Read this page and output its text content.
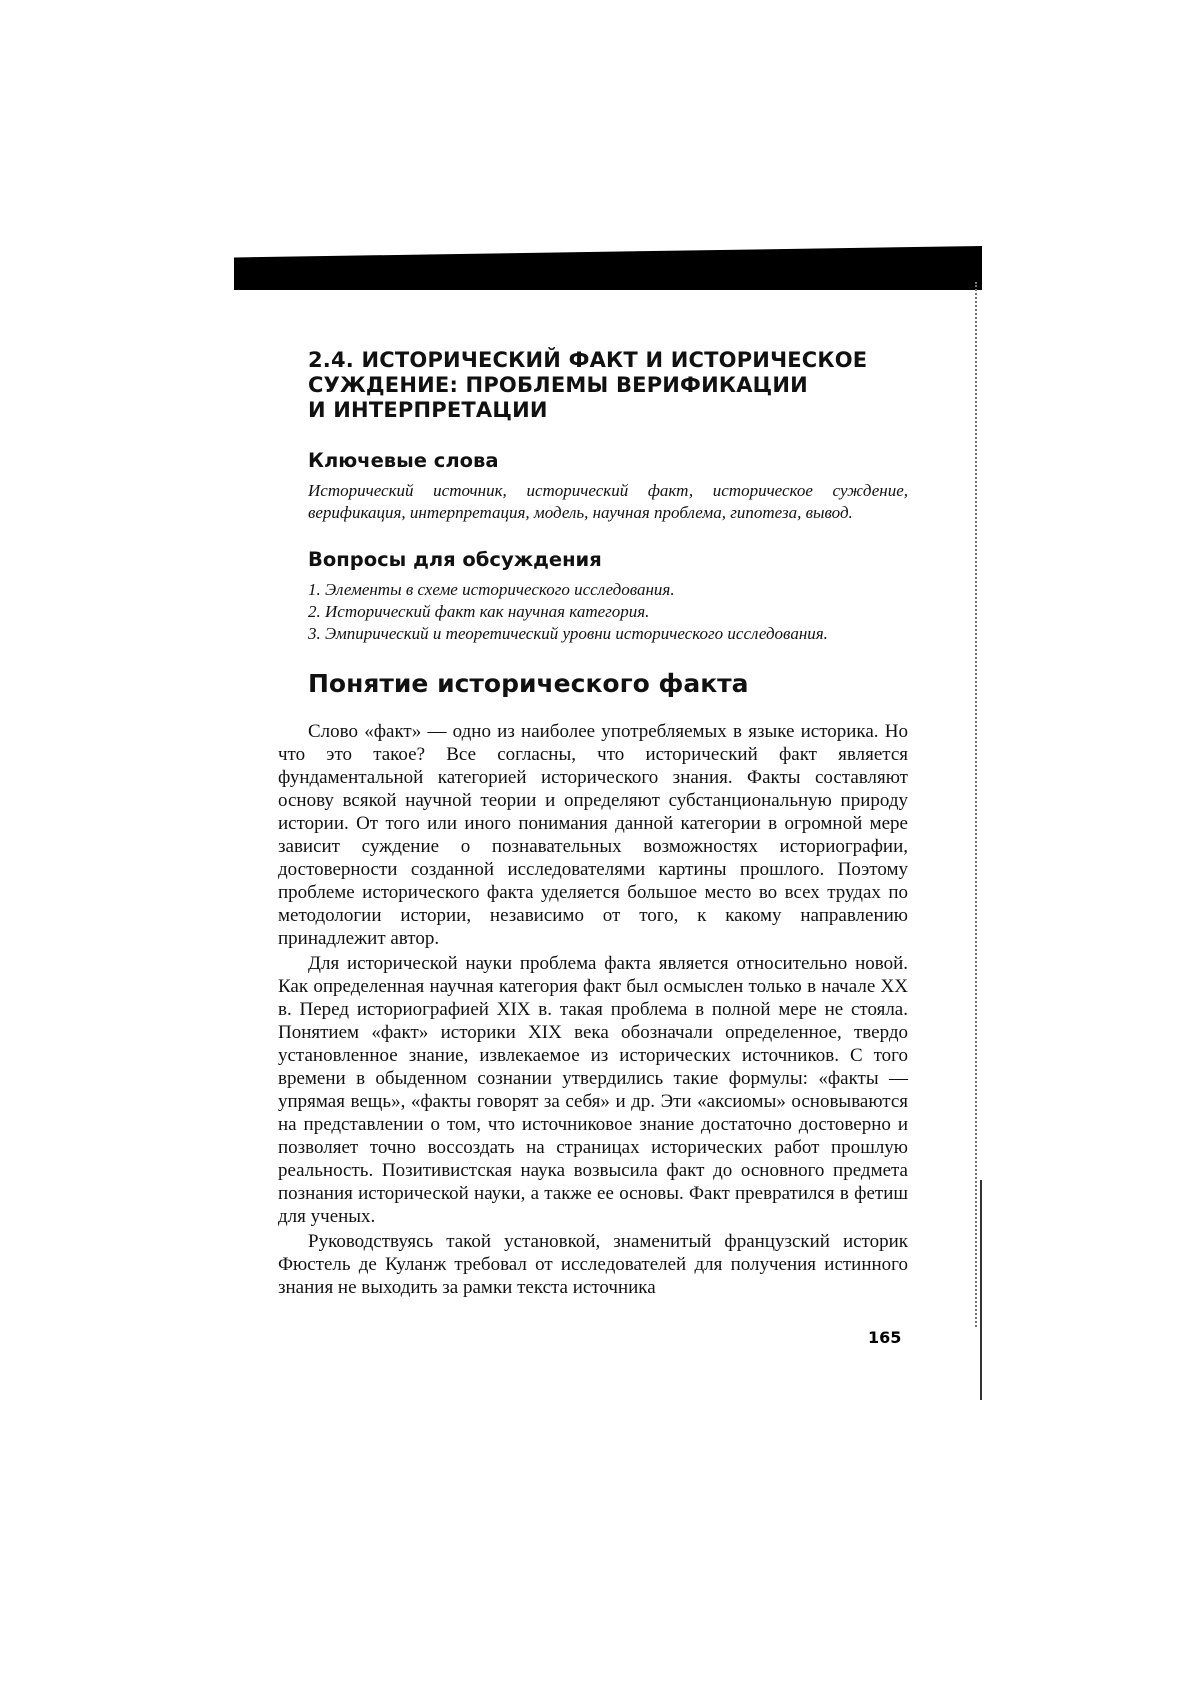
2.4. ИСТОРИЧЕСКИЙ ФАКТ И ИСТОРИЧЕСКОЕ
СУЖДЕНИЕ: ПРОБЛЕМЫ ВЕРИФИКАЦИИ
И ИНТЕРПРЕТАЦИИ
Ключевые слова
Исторический источник, исторический факт, историческое суждение, верификация, интерпретация, модель, научная проблема, гипотеза, вывод.
Вопросы для обсуждения
1. Элементы в схеме исторического исследования.
2. Исторический факт как научная категория.
3. Эмпирический и теоретический уровни исторического исследования.
Понятие исторического факта

Слово «факт» — одно из наиболее употребляемых в языке историка. Но что это такое? Все согласны, что исторический факт является фундаментальной категорией исторического знания. Факты составляют основу всякой научной теории и определяют субстанциональную природу истории. От того или иного понимания данной категории в огромной мере зависит суждение о познавательных возможностях историографии, достоверности созданной исследователями картины прошлого. Поэтому проблеме исторического факта уделяется большое место во всех трудах по методологии истории, независимо от того, к какому направлению принадлежит автор.

Для исторической науки проблема факта является относительно новой. Как определенная научная категория факт был осмыслен только в начале XX в. Перед историографией XIX в. такая проблема в полной мере не стояла. Понятием «факт» историки XIX века обозначали определенное, твердо установленное знание, извлекаемое из исторических источников. С того времени в обыденном сознании утвердились такие формулы: «факты — упрямая вещь», «факты говорят за себя» и др. Эти «аксиомы» основываются на представлении о том, что источниковое знание достаточно достоверно и позволяет точно воссоздать на страницах исторических работ прошлую реальность. Позитивистская наука возвысила факт до основного предмета познания исторической науки, а также ее основы. Факт превратился в фетиш для ученых.

Руководствуясь такой установкой, знаменитый французский историк Фюстель де Куланж требовал от исследователей для получения истинного знания не выходить за рамки текста источника

165
